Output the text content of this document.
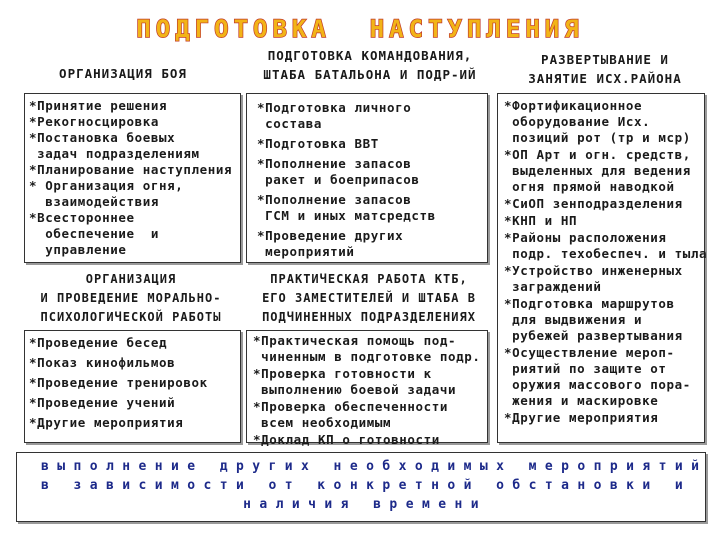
ПОДГОТОВКА  НАСТУПЛЕНИЯ
ОРГАНИЗАЦИЯ БОЯ
ПОДГОТОВКА КОМАНДОВАНИЯ,
ШТАБА БАТАЛЬОНА И ПОДР-ИЙ
РАЗВЕРТЫВАНИЕ И
ЗАНЯТИЕ ИСХ.РАЙОНА
*Принятие решения
*Рекогносцировка
*Постановка боевых
задач подразделениям
*Планирование наступления
* Организация огня,
взаимодействия
*Всестороннее
обеспечение  и
управление
*Подготовка личного
состава
*Подготовка ВВТ
*Пополнение запасов
ракет и боеприпасов
*Пополнение запасов
ГСМ и иных матсредств
*Проведение других
мероприятий
*Фортификационное
оборудование Исх.
позиций рот (тр и мср)
*ОП Арт и огн. средств,
выделенных для ведения
огня прямой наводкой
*СиОП зенподразделения
*КНП и НП
*Районы расположения
подр. техобеспеч. и тыла
*Устройство инженерных
заграждений
*Подготовка маршрутов
для выдвижения и
рубежей развертывания
*Осуществление мероп-
риятий по защите от
оружия массового пора-
жения и маскировке
*Другие мероприятия
ОРГАНИЗАЦИЯ
И ПРОВЕДЕНИЕ МОРАЛЬНО-
ПСИХОЛОГИЧЕСКОЙ РАБОТЫ
ПРАКТИЧЕСКАЯ РАБОТА КТБ,
ЕГО ЗАМЕСТИТЕЛЕЙ И ШТАБА В
ПОДЧИНЕННЫХ ПОДРАЗДЕЛЕНИЯХ
*Проведение бесед
*Показ кинофильмов
*Проведение тренировок
*Проведение учений
*Другие мероприятия
*Практическая помощь под-
чиненным в подготовке подр.
*Проверка готовности к
выполнению боевой задачи
*Проверка обеспеченности
всем необходимым
*Доклад КП о готовности
в ы п о л н е н и е   д р у г и х   н е о б х о д и м ы х   м е р о п р и я т и й
в   з а в и с и м о с т и   о т   к о н к р е т н о й   о б с т а н о в к и   и
н а л и ч и я   в р е м е н и
